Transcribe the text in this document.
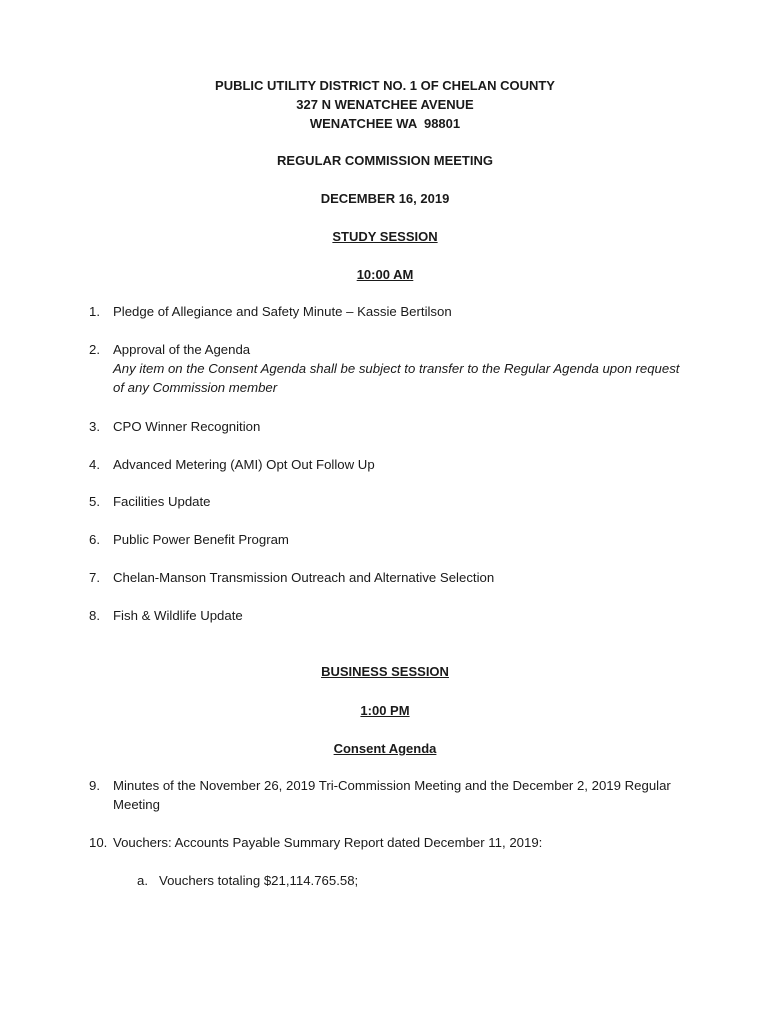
PUBLIC UTILITY DISTRICT NO. 1 OF CHELAN COUNTY
327 N WENATCHEE AVENUE
WENATCHEE WA  98801
REGULAR COMMISSION MEETING
DECEMBER 16, 2019
STUDY SESSION
10:00 AM
1. Pledge of Allegiance and Safety Minute – Kassie Bertilson
2. Approval of the Agenda
Any item on the Consent Agenda shall be subject to transfer to the Regular Agenda upon request of any Commission member
3. CPO Winner Recognition
4. Advanced Metering (AMI) Opt Out Follow Up
5. Facilities Update
6. Public Power Benefit Program
7. Chelan-Manson Transmission Outreach and Alternative Selection
8. Fish & Wildlife Update
BUSINESS SESSION
1:00 PM
Consent Agenda
9. Minutes of the November 26, 2019 Tri-Commission Meeting and the December 2, 2019 Regular Meeting
10. Vouchers: Accounts Payable Summary Report dated December 11, 2019:
a. Vouchers totaling $21,114.765.58;
